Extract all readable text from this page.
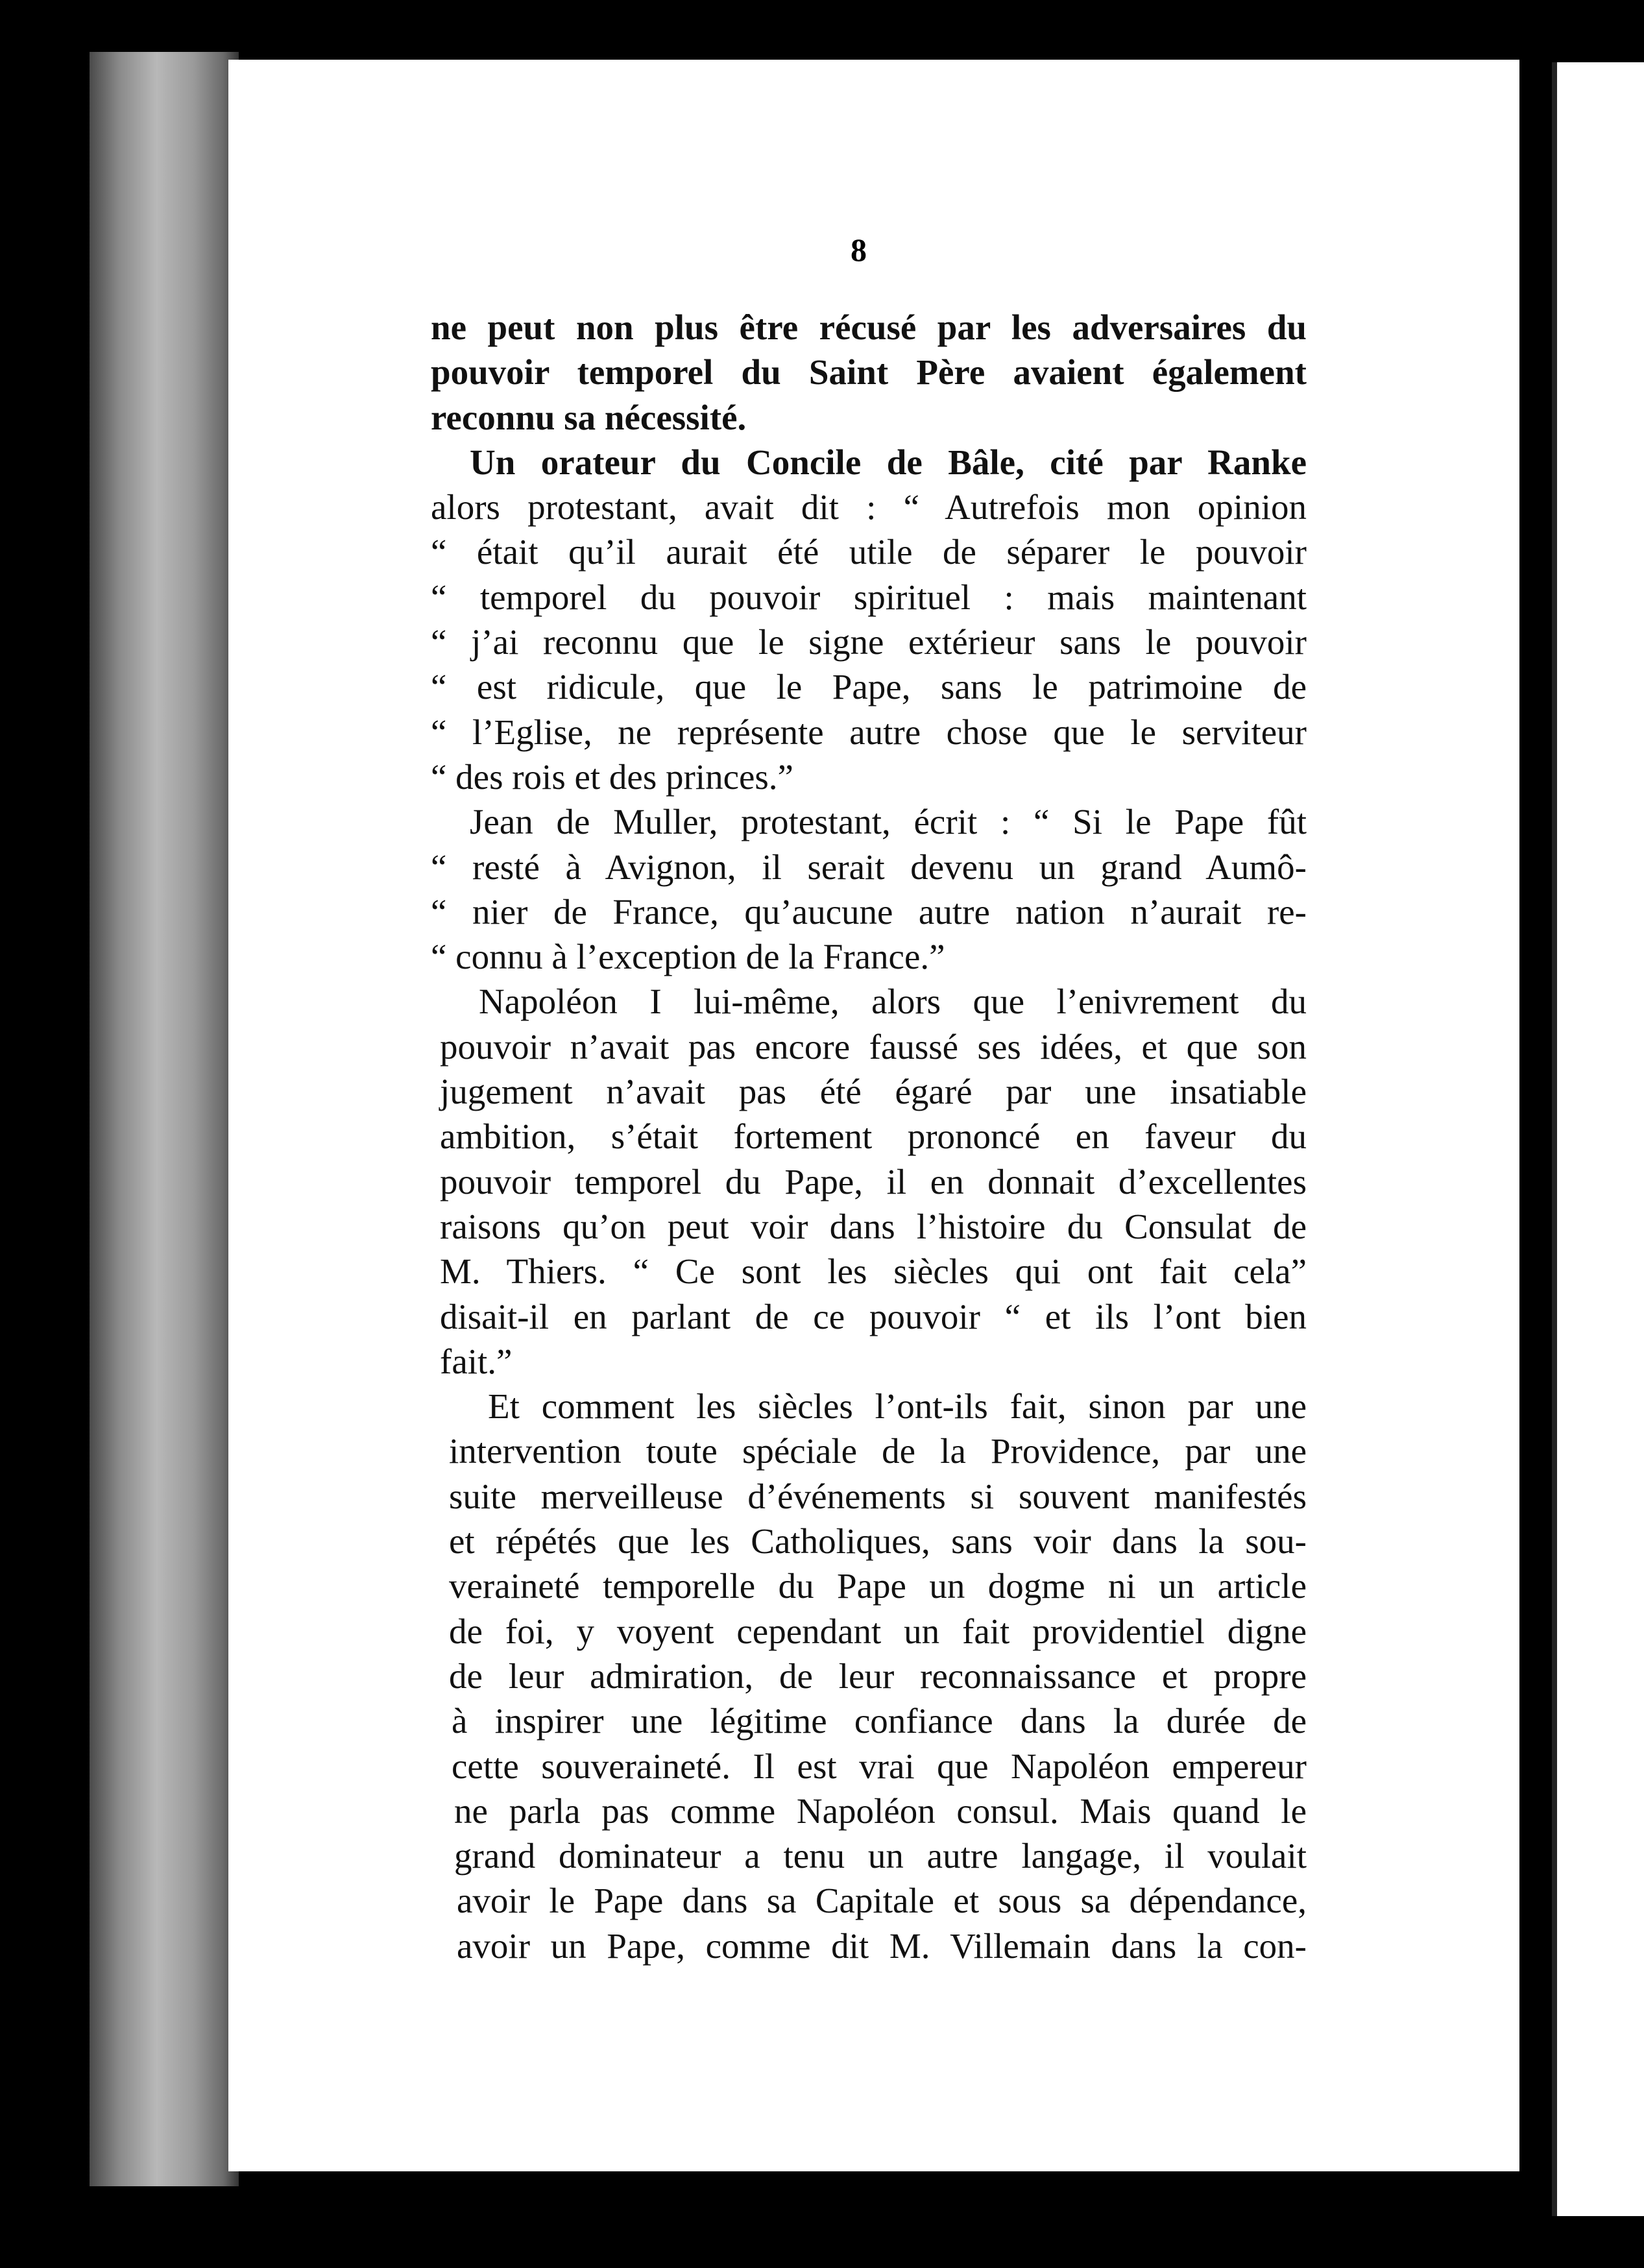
8
ne peut non plus être récusé par les adversaires du
pouvoir temporel du Saint Père avaient également
reconnu sa nécessité.
Un orateur du Concile de Bâle, cité par Ranke
alors protestant, avait dit : “ Autrefois mon opinion
“ était qu’il aurait été utile de séparer le pouvoir
“ temporel du pouvoir spirituel : mais maintenant
“ j’ai reconnu que le signe extérieur sans le pouvoir
“ est ridicule, que le Pape, sans le patrimoine de
“ l’Eglise, ne représente autre chose que le serviteur
“ des rois et des princes.”
Jean de Muller, protestant, écrit : “ Si le Pape fût
“ resté à Avignon, il serait devenu un grand Aumô-
“ nier de France, qu’aucune autre nation n’aurait re-
“ connu à l’exception de la France.”
Napoléon I lui-même, alors que l’enivrement du
pouvoir n’avait pas encore faussé ses idées, et que son
jugement n’avait pas été égaré par une insatiable
ambition, s’était fortement prononcé en faveur du
pouvoir temporel du Pape, il en donnait d’excellentes
raisons qu’on peut voir dans l’histoire du Consulat de
M. Thiers. “ Ce sont les siècles qui ont fait cela”
disait-il en parlant de ce pouvoir “ et ils l’ont bien
fait.”
Et comment les siècles l’ont-ils fait, sinon par une
intervention toute spéciale de la Providence, par une
suite merveilleuse d’événements si souvent manifestés
et répétés que les Catholiques, sans voir dans la sou-
veraineté temporelle du Pape un dogme ni un article
de foi, y voyent cependant un fait providentiel digne
de leur admiration, de leur reconnaissance et propre
à inspirer une légitime confiance dans la durée de
cette souveraineté. Il est vrai que Napoléon empereur
ne parla pas comme Napoléon consul. Mais quand le
grand dominateur a tenu un autre langage, il voulait
avoir le Pape dans sa Capitale et sous sa dépendance,
avoir un Pape, comme dit M. Villemain dans la con-
